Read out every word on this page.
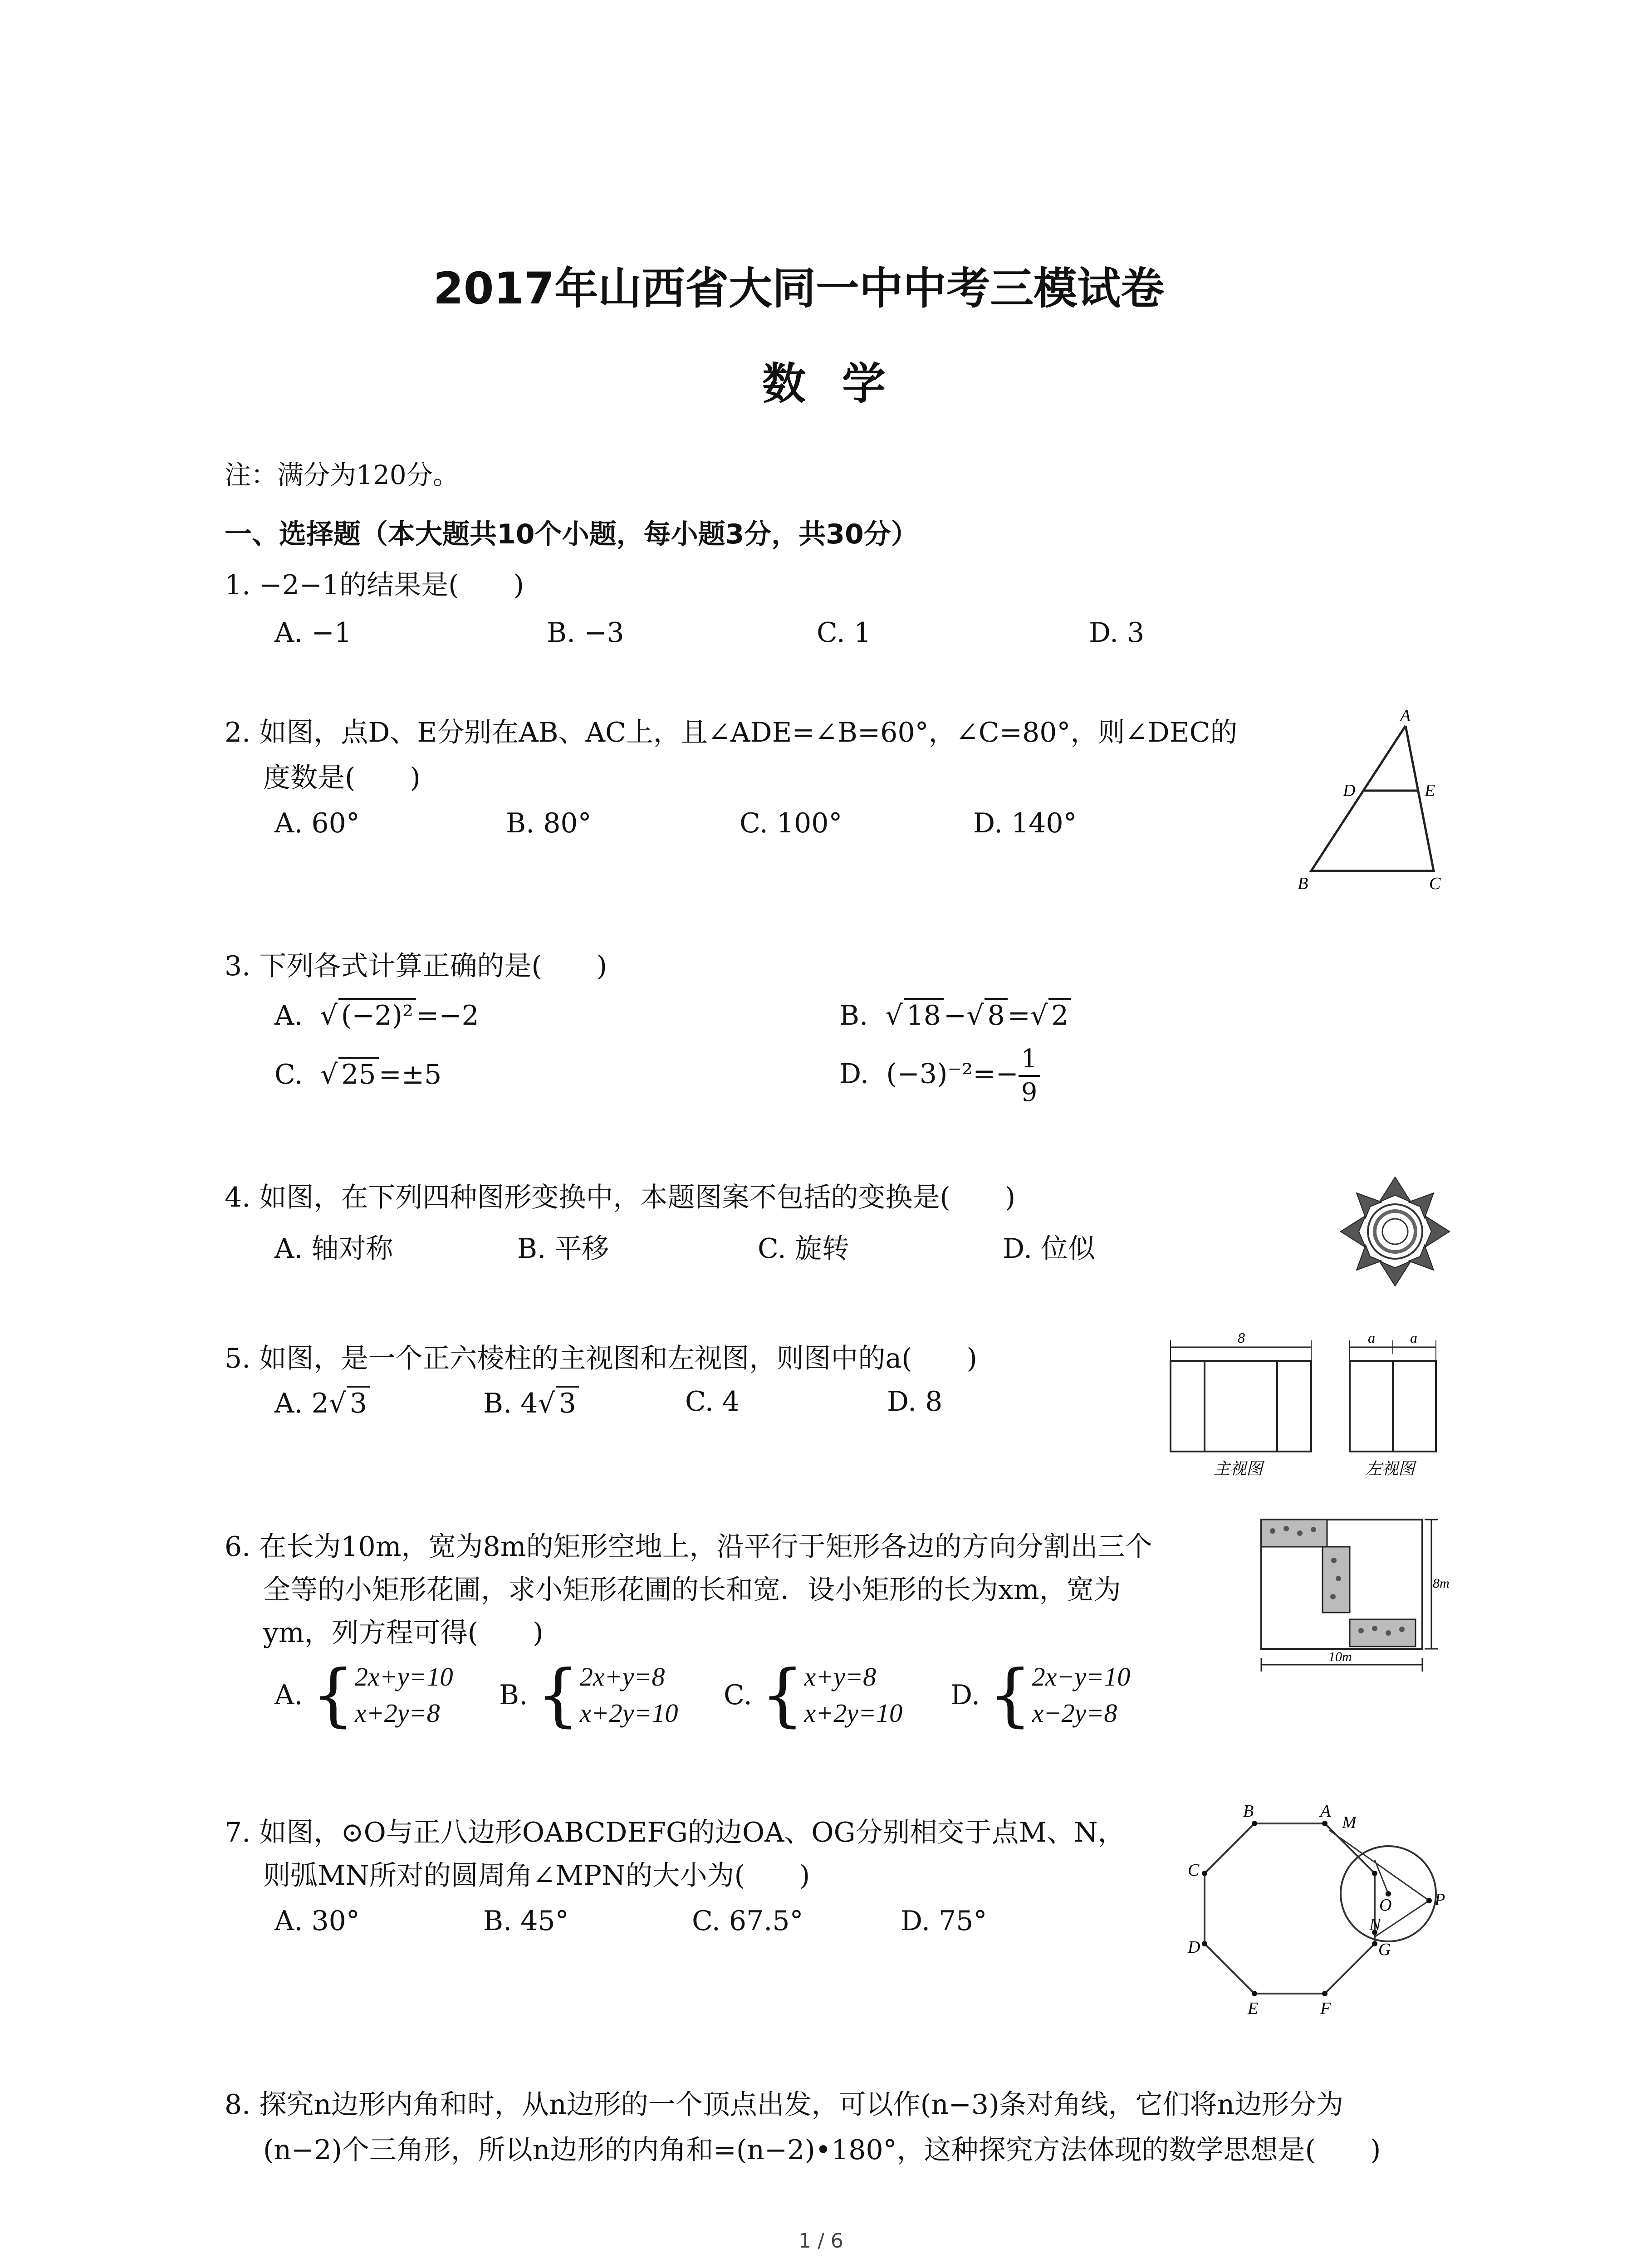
2017年山西省大同一中中考三模试卷
数学
注：满分为120分。
一、选择题（本大题共10个小题，每小题3分，共30分）
1. −2−1的结果是(　　)
A. −1	B. −3	C. 1	D. 3
2. 如图，点D、E分别在AB、AC上，且∠ADE=∠B=60°，∠C=80°，则∠DEC的
度数是(　　)
A. 60°	B. 80°	C. 100°	D. 140°
A
D	E
B	C
3. 下列各式计算正确的是(　　)
A.  √ (−2)² =−2	B.  √ 18 −√ 8 =√ 2
C.  √ 25 =±5	D. $(-3)^{-2}=- \frac{1}{9}$
4. 如图，在下列四种图形变换中，本题图案不包括的变换是(　　)
A. 轴对称	B. 平移	C. 旋转	D. 位似
5. 如图，是一个正六棱柱的主视图和左视图，则图中的a(　　)
A. 2√ 3	B. 4√ 3	C. 4	D. 8
8	a a
主视图	左视图
6. 在长为10m，宽为8m的矩形空地上，沿平行于矩形各边的方向分割出三个
全等的小矩形花圃，求小矩形花圃的长和宽．设小矩形的长为xm，宽为
ym，列方程可得(　　)
A. { 2x+y=10
x+2y=8
B. { 2x+y=8
x+2y=10
C. { x+y=8
x+2y=10
D. { 2x−y=10
x−2y=8
8m
10m
7. 如图，⊙O与正八边形OABCDEFG的边OA、OG分别相交于点M、N，
则弧MN所对的圆周角∠MPN的大小为(　　)
A. 30°	B. 45°	C. 67.5°	D. 75°
B	A
M
C
P
O
N
D	G
E	F
8. 探究n边形内角和时，从n边形的一个顶点出发，可以作(n−3)条对角线，它们将n边形分为
(n−2)个三角形，所以n边形的内角和=(n−2)•180°，这种探究方法体现的数学思想是(　　)
1 / 6
